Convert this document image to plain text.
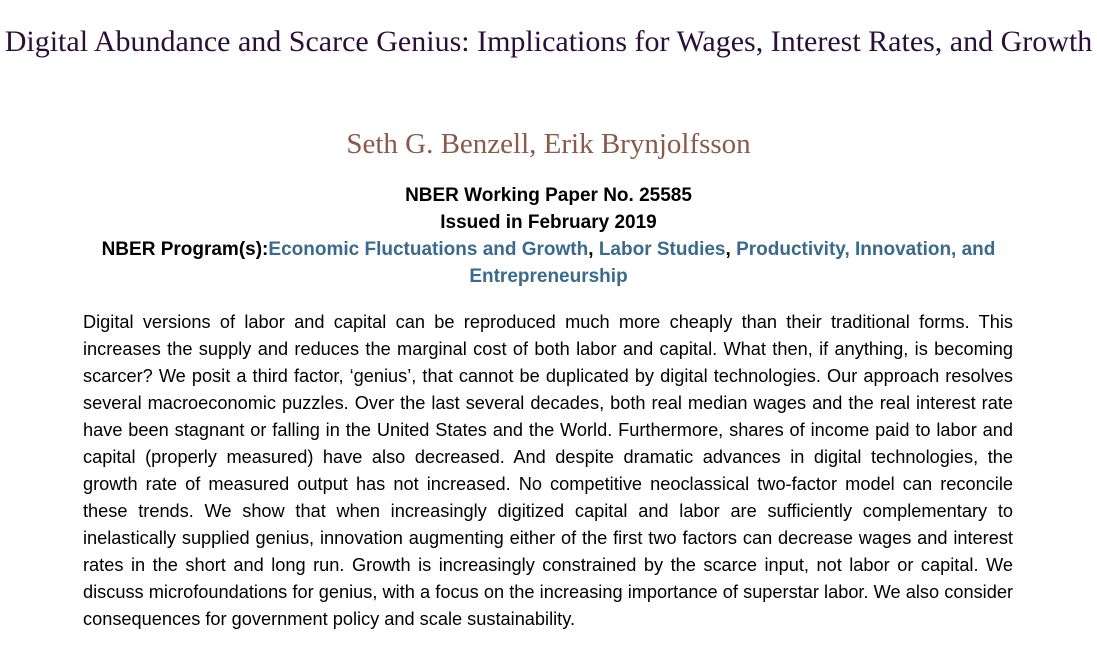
Digital Abundance and Scarce Genius: Implications for Wages, Interest Rates, and Growth
Seth G. Benzell, Erik Brynjolfsson
NBER Working Paper No. 25585
Issued in February 2019
NBER Program(s):Economic Fluctuations and Growth, Labor Studies, Productivity, Innovation, and Entrepreneurship

Digital versions of labor and capital can be reproduced much more cheaply than their traditional forms. This increases the supply and reduces the marginal cost of both labor and capital. What then, if anything, is becoming scarcer? We posit a third factor, ‘genius’, that cannot be duplicated by digital technologies. Our approach resolves several macroeconomic puzzles. Over the last several decades, both real median wages and the real interest rate have been stagnant or falling in the United States and the World. Furthermore, shares of income paid to labor and capital (properly measured) have also decreased. And despite dramatic advances in digital technologies, the growth rate of measured output has not increased. No competitive neoclassical two-factor model can reconcile these trends. We show that when increasingly digitized capital and labor are sufficiently complementary to inelastically supplied genius, innovation augmenting either of the first two factors can decrease wages and interest rates in the short and long run. Growth is increasingly constrained by the scarce input, not labor or capital. We discuss microfoundations for genius, with a focus on the increasing importance of superstar labor. We also consider consequences for government policy and scale sustainability.
